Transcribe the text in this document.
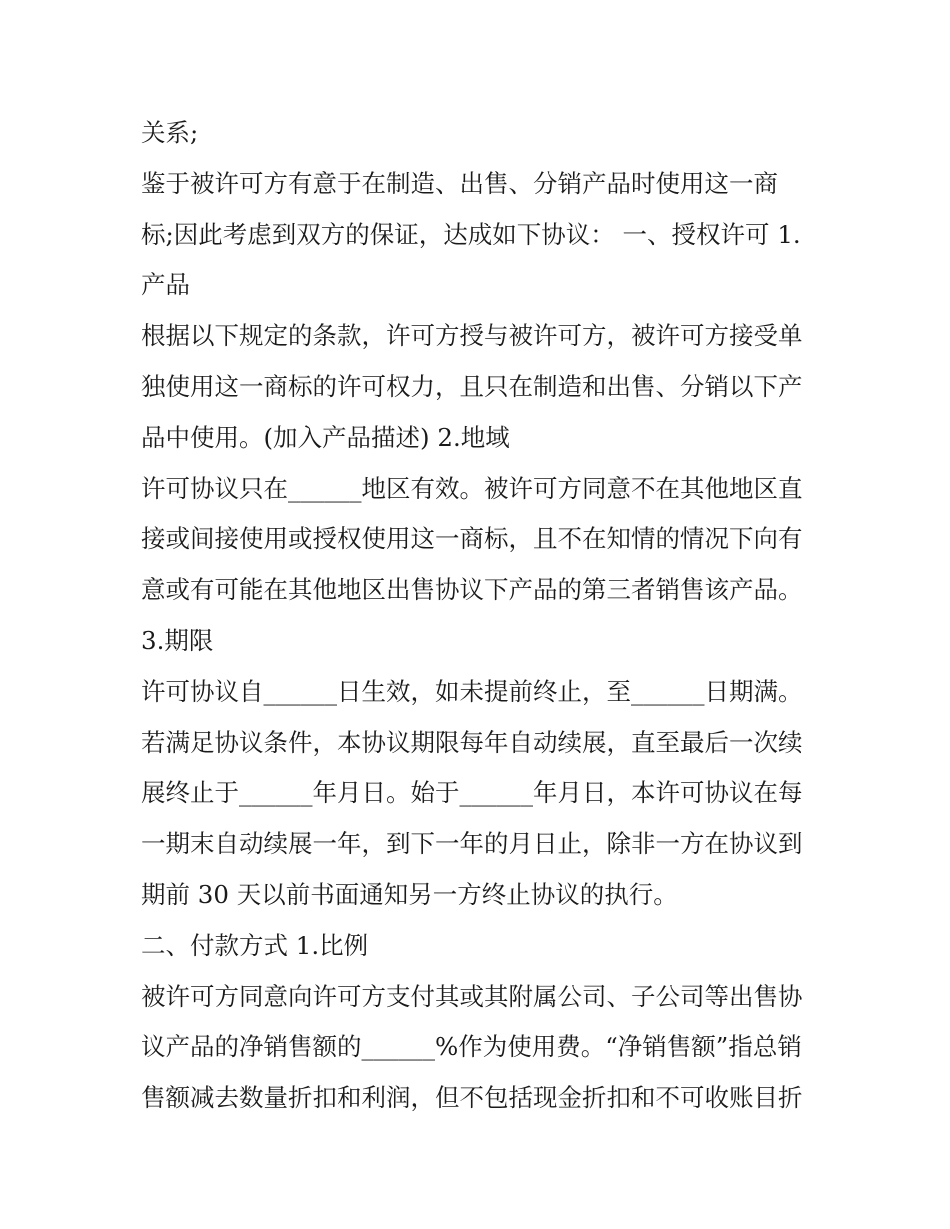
关系;
鉴于被许可方有意于在制造、出售、分销产品时使用这一商
标;因此考虑到双方的保证，达成如下协议： 一、授权许可 1.
产品
根据以下规定的条款，许可方授与被许可方，被许可方接受单
独使用这一商标的许可权力，且只在制造和出售、分销以下产
品中使用。(加入产品描述) 2.地域
许可协议只在______地区有效。被许可方同意不在其他地区直
接或间接使用或授权使用这一商标，且不在知情的情况下向有
意或有可能在其他地区出售协议下产品的第三者销售该产品。
3.期限
许可协议自______日生效，如未提前终止，至______日期满。
若满足协议条件，本协议期限每年自动续展，直至最后一次续
展终止于______年月日。始于______年月日，本许可协议在每
一期末自动续展一年，到下一年的月日止，除非一方在协议到
期前 30 天以前书面通知另一方终止协议的执行。
二、付款方式 1.比例
被许可方同意向许可方支付其或其附属公司、子公司等出售协
议产品的净销售额的______%作为使用费。“净销售额”指总销
售额减去数量折扣和利润，但不包括现金折扣和不可收账目折
